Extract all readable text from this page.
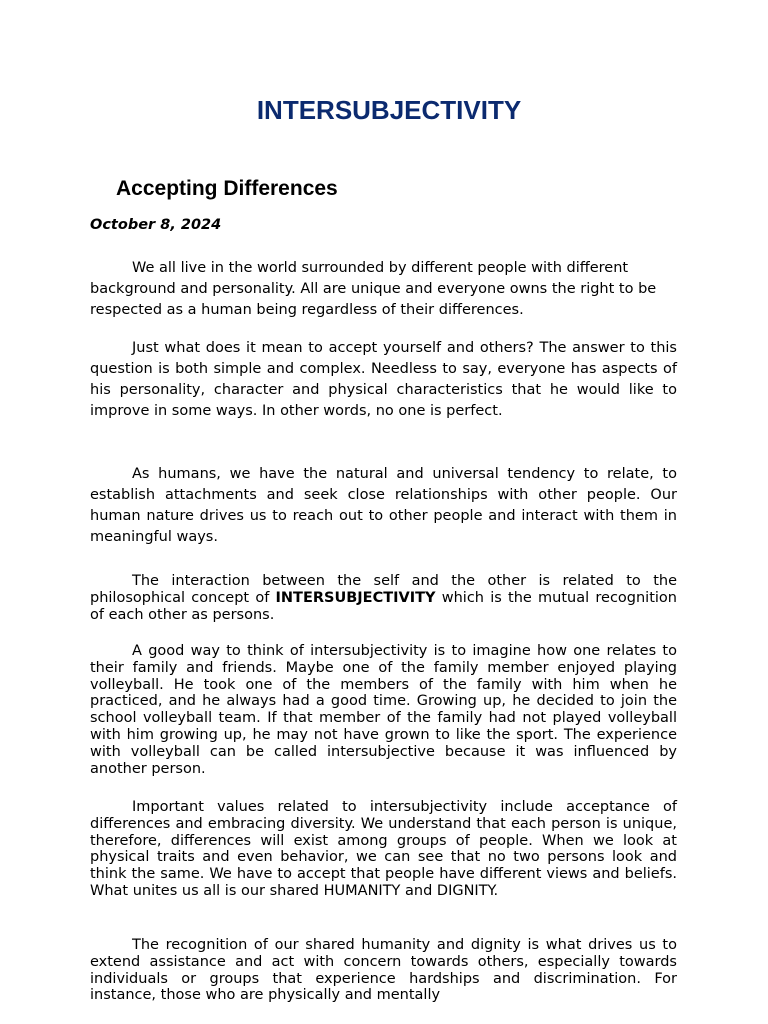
INTERSUBJECTIVITY
Accepting Differences
October 8, 2024

We all live in the world surrounded by different people with different background and personality. All are unique and everyone owns the right to be respected as a human being regardless of their differences.

Just what does it mean to accept yourself and others? The answer to this question is both simple and complex. Needless to say, everyone has aspects of his personality, character and physical characteristics that he would like to improve in some ways. In other words, no one is perfect.

As humans, we have the natural and universal tendency to relate, to establish attachments and seek close relationships with other people. Our human nature drives us to reach out to other people and interact with them in meaningful ways.

The interaction between the self and the other is related to the philosophical concept of INTERSUBJECTIVITY which is the mutual recognition of each other as persons.

A good way to think of intersubjectivity is to imagine how one relates to their family and friends. Maybe one of the family member enjoyed playing volleyball. He took one of the members of the family with him when he practiced, and he always had a good time. Growing up, he decided to join the school volleyball team. If that member of the family had not played volleyball with him growing up, he may not have grown to like the sport. The experience with volleyball can be called intersubjective because it was influenced by another person.

Important values related to intersubjectivity include acceptance of differences and embracing diversity. We understand that each person is unique, therefore, differences will exist among groups of people. When we look at physical traits and even behavior, we can see that no two persons look and think the same. We have to accept that people have different views and beliefs. What unites us all is our shared HUMANITY and DIGNITY.

The recognition of our shared humanity and dignity is what drives us to extend assistance and act with concern towards others, especially towards individuals or groups that experience hardships and discrimination. For instance, those who are physically and mentally
